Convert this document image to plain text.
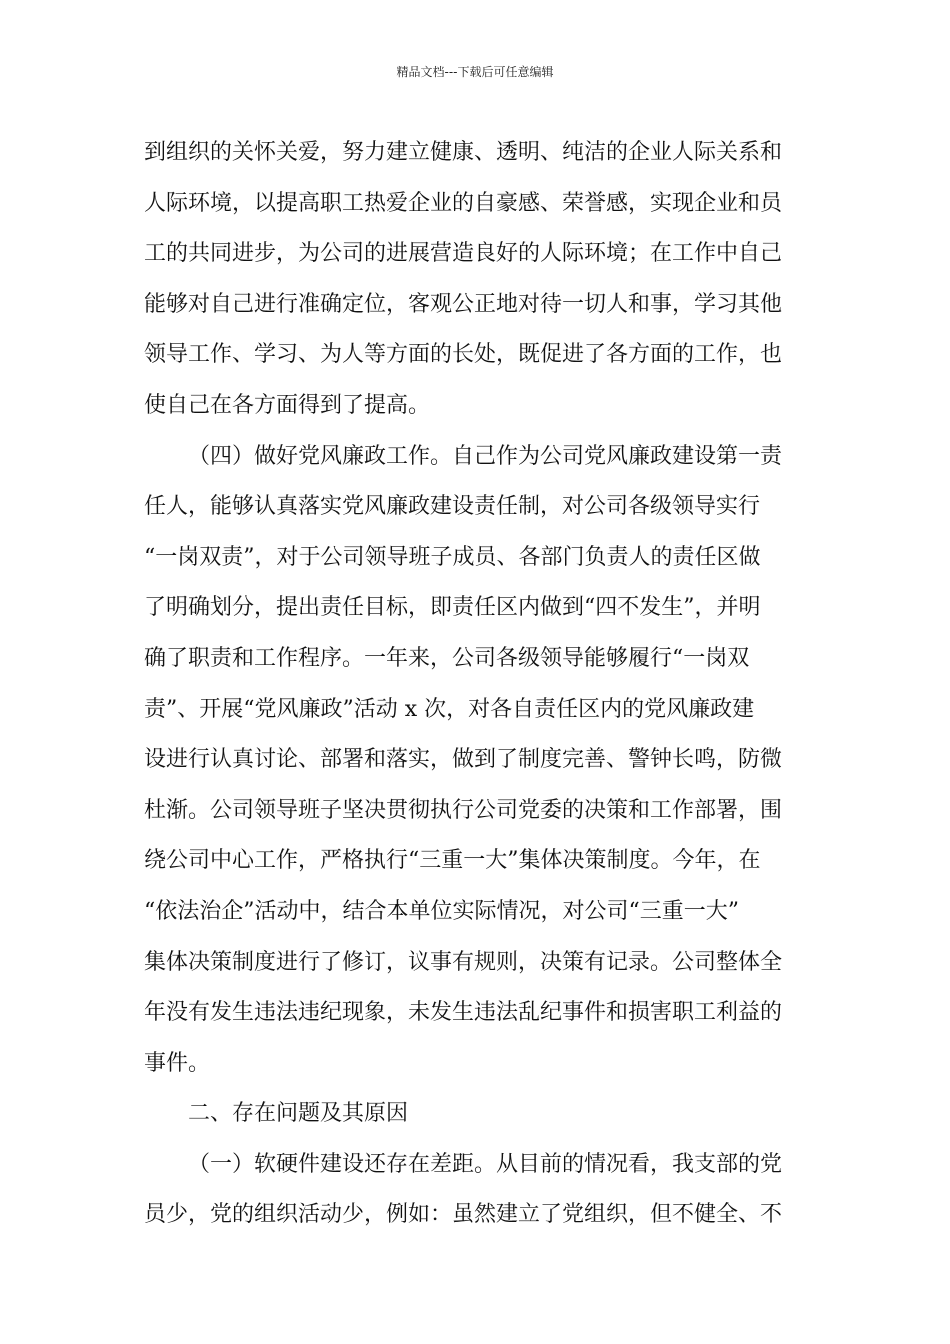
精品文档---下载后可任意编辑
到组织的关怀关爱，努力建立健康、透明、纯洁的企业人际关系和
人际环境，以提高职工热爱企业的自豪感、荣誉感，实现企业和员
工的共同进步，为公司的进展营造良好的人际环境；在工作中自己
能够对自己进行准确定位，客观公正地对待一切人和事，学习其他
领导工作、学习、为人等方面的长处，既促进了各方面的工作，也
使自己在各方面得到了提高。
（四）做好党风廉政工作。自己作为公司党风廉政建设第一责
任人，能够认真落实党风廉政建设责任制，对公司各级领导实行
“一岗双责”，对于公司领导班子成员、各部门负责人的责任区做
了明确划分，提出责任目标，即责任区内做到“四不发生”，并明
确了职责和工作程序。一年来，公司各级领导能够履行“一岗双
责”、开展“党风廉政”活动 x 次，对各自责任区内的党风廉政建
设进行认真讨论、部署和落实，做到了制度完善、警钟长鸣，防微
杜渐。公司领导班子坚决贯彻执行公司党委的决策和工作部署，围
绕公司中心工作，严格执行“三重一大”集体决策制度。今年，在
“依法治企”活动中，结合本单位实际情况，对公司“三重一大”
集体决策制度进行了修订，议事有规则，决策有记录。公司整体全
年没有发生违法违纪现象，未发生违法乱纪事件和损害职工利益的
事件。
二、存在问题及其原因
（一）软硬件建设还存在差距。从目前的情况看，我支部的党
员少，党的组织活动少，例如：虽然建立了党组织，但不健全、不
